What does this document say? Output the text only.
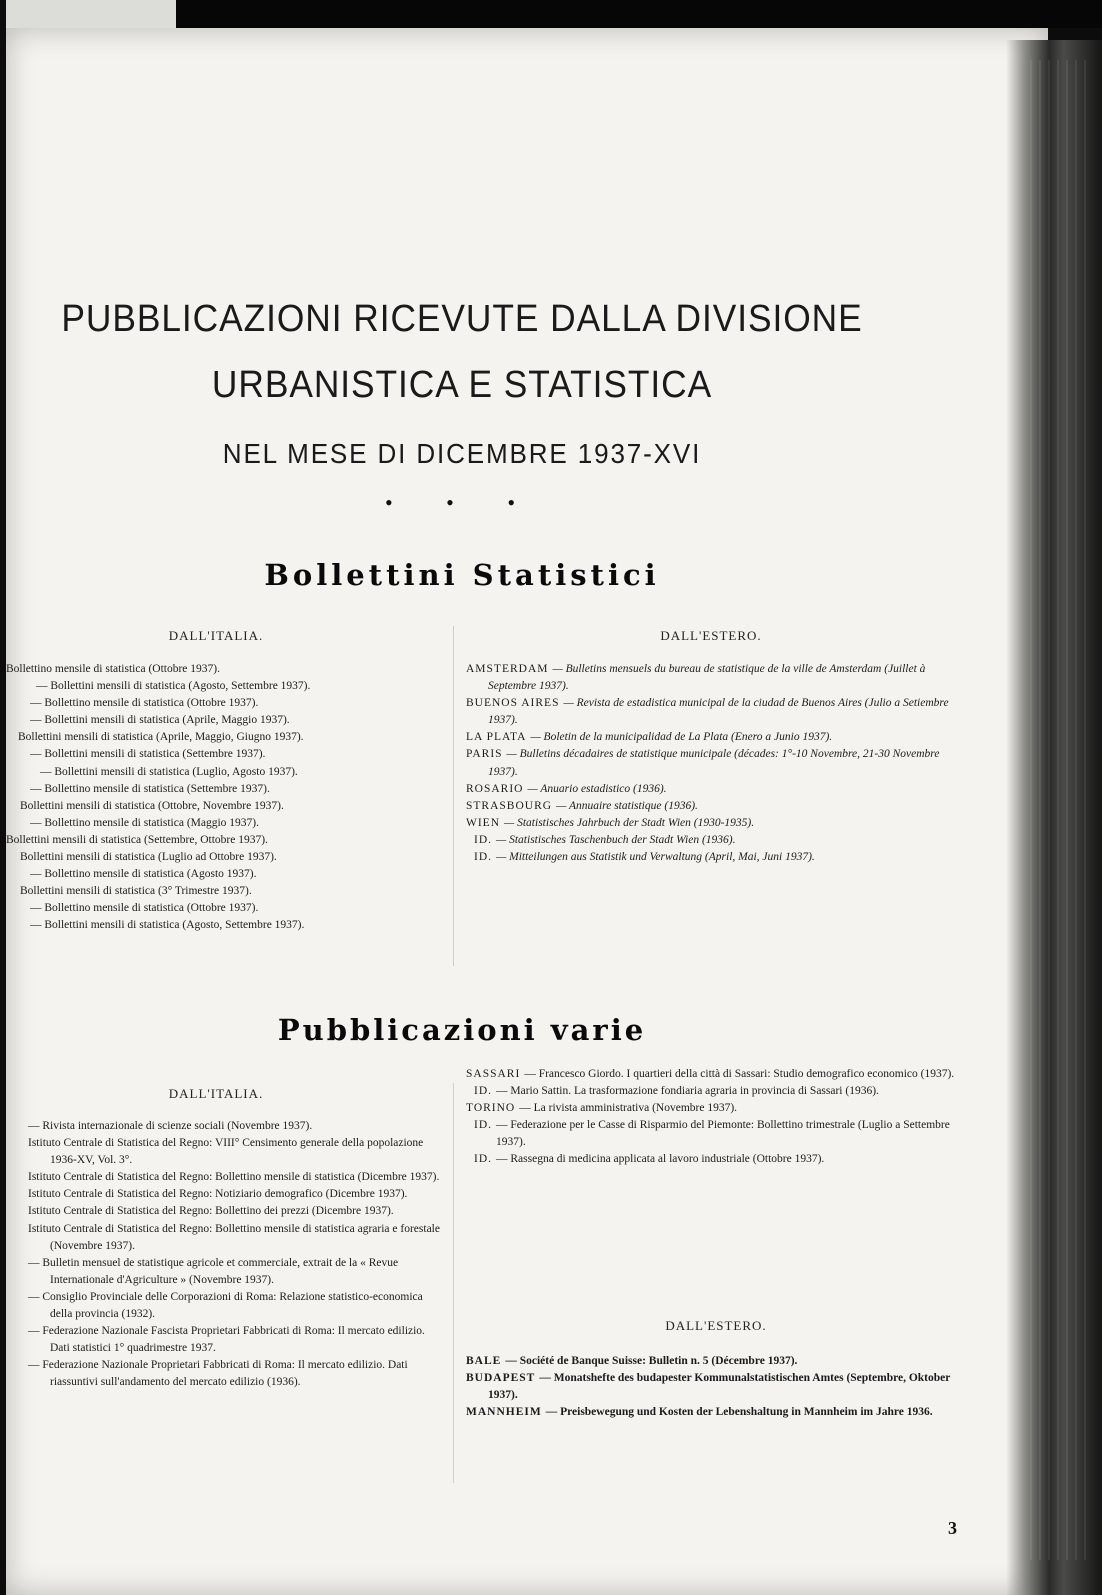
PUBBLICAZIONI RICEVUTE DALLA DIVISIONE
URBANISTICA E STATISTICA
NEL MESE DI DICEMBRE 1937-XVI
• • •
Bollettini Statistici
DALL'ITALIA.	DALL'ESTERO.

Bollettino mensile di statistica (Ottobre 1937).

— Bollettini mensili di statistica (Agosto, Settembre 1937).

— Bollettino mensile di statistica (Ottobre 1937).

— Bollettini mensili di statistica (Aprile, Maggio 1937).

Bollettini mensili di statistica (Aprile, Maggio, Giugno 1937).

— Bollettini mensili di statistica (Settembre 1937).

— Bollettini mensili di statistica (Luglio, Agosto 1937).

— Bollettino mensile di statistica (Settembre 1937).

Bollettini mensili di statistica (Ottobre, Novembre 1937).

— Bollettino mensile di statistica (Maggio 1937).

Bollettini mensili di statistica (Settembre, Ottobre 1937).

Bollettini mensili di statistica (Luglio ad Ottobre 1937).

— Bollettino mensile di statistica (Agosto 1937).

Bollettini mensili di statistica (3° Trimestre 1937).

— Bollettino mensile di statistica (Ottobre 1937).

— Bollettini mensili di statistica (Agosto, Settembre 1937).

AMSTERDAM — Bulletins mensuels du bureau de statistique de la ville de Amsterdam (Juillet à Septembre 1937).

BUENOS AIRES — Revista de estadistica municipal de la ciudad de Buenos Aires (Julio a Setiembre 1937).

LA PLATA — Boletin de la municipalidad de La Plata (Enero a Junio 1937).

PARIS — Bulletins décadaires de statistique municipale (décades: 1°-10 Novembre, 21-30 Novembre 1937).

ROSARIO — Anuario estadistico (1936).

STRASBOURG — Annuaire statistique (1936).

WIEN — Statistisches Jahrbuch der Stadt Wien (1930-1935).

ID. — Statistisches Taschenbuch der Stadt Wien (1936).

ID. — Mitteilungen aus Statistik und Verwaltung (April, Mai, Juni 1937).

Pubblicazioni varie
DALL'ITALIA.

— Rivista internazionale di scienze sociali (Novembre 1937).

Istituto Centrale di Statistica del Regno: VIII° Censimento generale della popolazione 1936-XV, Vol. 3°.

Istituto Centrale di Statistica del Regno: Bollettino mensile di statistica (Dicembre 1937).

Istituto Centrale di Statistica del Regno: Notiziario demografico (Dicembre 1937).

Istituto Centrale di Statistica del Regno: Bollettino dei prezzi (Dicembre 1937).

Istituto Centrale di Statistica del Regno: Bollettino mensile di statistica agraria e forestale (Novembre 1937).

— Bulletin mensuel de statistique agricole et commerciale, extrait de la « Revue Internationale d'Agriculture » (Novembre 1937).

— Consiglio Provinciale delle Corporazioni di Roma: Relazione statistico-economica della provincia (1932).

— Federazione Nazionale Fascista Proprietari Fabbricati di Roma: Il mercato edilizio. Dati statistici 1° quadrimestre 1937.

— Federazione Nazionale Proprietari Fabbricati di Roma: Il mercato edilizio. Dati riassuntivi sull'andamento del mercato edilizio (1936).

SASSARI — Francesco Giordo. I quartieri della città di Sassari: Studio demografico economico (1937).

ID. — Mario Sattin. La trasformazione fondiaria agraria in provincia di Sassari (1936).

TORINO — La rivista amministrativa (Novembre 1937).

ID. — Federazione per le Casse di Risparmio del Piemonte: Bollettino trimestrale (Luglio a Settembre 1937).

ID. — Rassegna di medicina applicata al lavoro industriale (Ottobre 1937).

DALL'ESTERO.

BALE — Société de Banque Suisse: Bulletin n. 5 (Décembre 1937).

BUDAPEST — Monatshefte des budapester Kommunalstatistischen Amtes (Septembre, Oktober 1937).

MANNHEIM — Preisbewegung und Kosten der Lebenshaltung in Mannheim im Jahre 1936.

3
